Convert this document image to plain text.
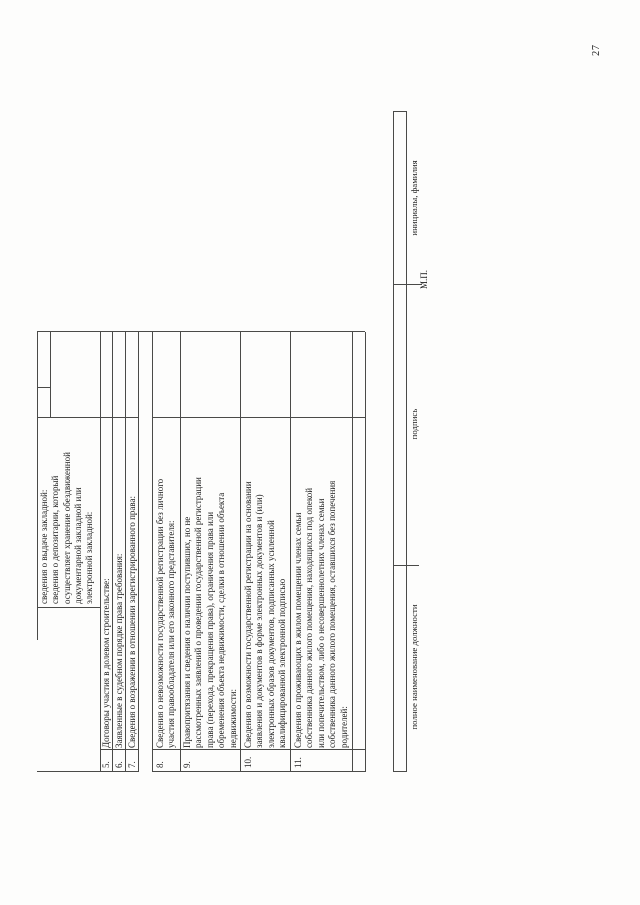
сведения о выдаче закладной: сведения о депозитарии, который осуществляет хранение обездвиженной документарной закладной или электронной закладной:
5.
Договоры участия в долевом строительстве:
6.
Заявленные в судебном порядке права требования:
7.
Сведения о возражении в отношении зарегистрированного права:
8.
Сведения о невозможности государственной регистрации без личного участия правообладателя или его законного представителя:
9.
Правопритязания и сведения о наличии поступивших, но не рассмотренных заявлений о проведении государственной регистрации права (перехода, прекращения права), ограничения права или обременения объекта недвижимости, сделки в отношении объекта недвижимости:
10.
Сведения о возможности государственной регистрации на основании заявления и документов в форме электронных документов и (или) электронных образов документов, подписанных усиленной квалифицированной электронной подписью
11.
Сведения о проживающих в жилом помещении членах семьи собственника данного жилого помещения, находящихся под опекой или попечительством, либо о несовершеннолетних членах семьи собственника данного жилого помещения, оставшихся без попечения родителей:	полное наименование должности
подпись
инициалы, фамилия
М.П.
27
